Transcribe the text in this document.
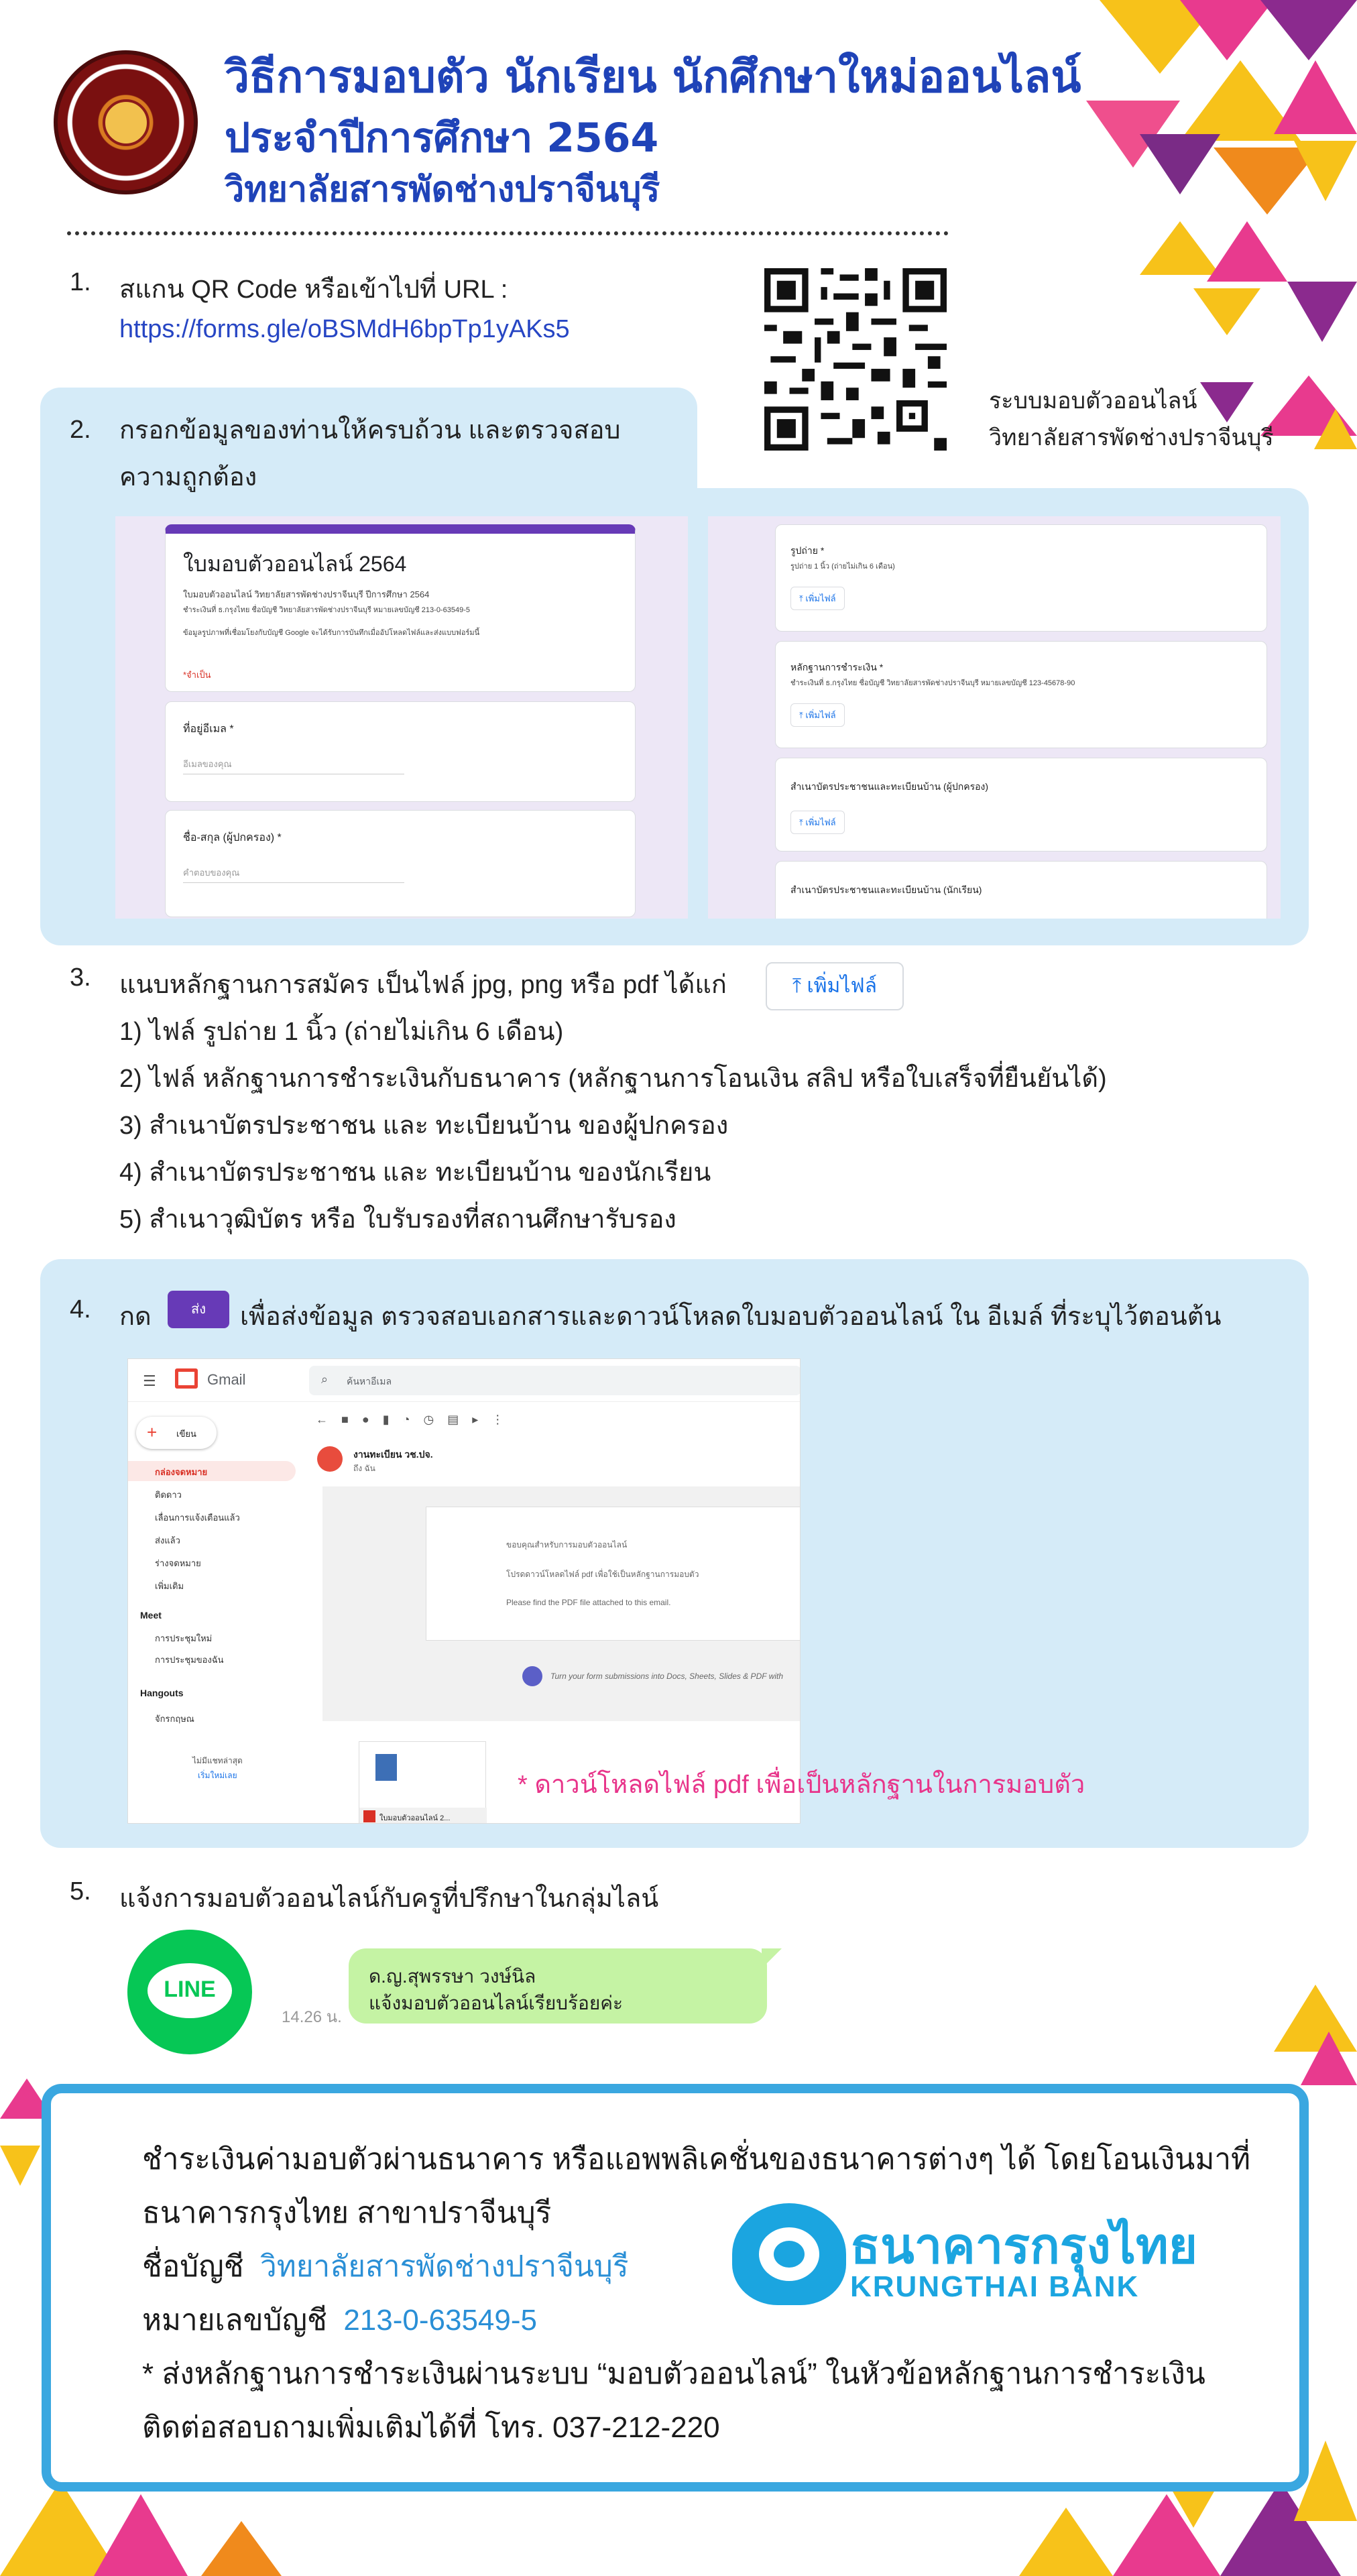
วิธีการมอบตัว นักเรียน นักศึกษาใหม่ออนไลน์
ประจำปีการศึกษา 2564
วิทยาลัยสารพัดช่างปราจีนบุรี
1. สแกน QR Code หรือเข้าไปที่ URL :
https://forms.gle/oBSMdH6bpTp1yAKs5
ระบบมอบตัวออนไลน์
วิทยาลัยสารพัดช่างปราจีนบุรี
2. กรอกข้อมูลของท่านให้ครบถ้วน และตรวจสอบ
ความถูกต้อง
ใบมอบตัวออนไลน์ 2564
ใบมอบตัวออนไลน์ วิทยาลัยสารพัดช่างปราจีนบุรี ปีการศึกษา 2564
ชำระเงินที่ ธ.กรุงไทย ชื่อบัญชี วิทยาลัยสารพัดช่างปราจีนบุรี หมายเลขบัญชี 213-0-63549-5
ข้อมูลรูปภาพที่เชื่อมโยงกับบัญชี Google จะได้รับการบันทึกเมื่ออัปโหลดไฟล์และส่งแบบฟอร์มนี้
*จำเป็น
ที่อยู่อีเมล *
อีเมลของคุณ
ชื่อ-สกุล (ผู้ปกครอง) *
คำตอบของคุณ
รูปถ่าย *
รูปถ่าย 1 นิ้ว (ถ่ายไม่เกิน 6 เดือน)
⤒ เพิ่มไฟล์
หลักฐานการชำระเงิน *
ชำระเงินที่ ธ.กรุงไทย ชื่อบัญชี วิทยาลัยสารพัดช่างปราจีนบุรี หมายเลขบัญชี 123-45678-90
⤒ เพิ่มไฟล์
สำเนาบัตรประชาชนและทะเบียนบ้าน (ผู้ปกครอง)
⤒ เพิ่มไฟล์
สำเนาบัตรประชาชนและทะเบียนบ้าน (นักเรียน)
3. แนบหลักฐานการสมัคร เป็นไฟล์ jpg, png หรือ pdf ได้แก่	⤒ เพิ่มไฟล์
1) ไฟล์ รูปถ่าย 1 นิ้ว (ถ่ายไม่เกิน 6 เดือน)
2) ไฟล์ หลักฐานการชำระเงินกับธนาคาร (หลักฐานการโอนเงิน สลิป หรือใบเสร็จที่ยืนยันได้)
3) สำเนาบัตรประชาชน และ ทะเบียนบ้าน ของผู้ปกครอง
4) สำเนาบัตรประชาชน และ ทะเบียนบ้าน ของนักเรียน
5) สำเนาวุฒิบัตร หรือ ใบรับรองที่สถานศึกษารับรอง
4. กด	ส่ง	เพื่อส่งข้อมูล ตรวจสอบเอกสารและดาวน์โหลดใบมอบตัวออนไลน์ ใน อีเมล์ ที่ระบุไว้ตอนต้น
☰	Gmail	⌕ ค้นหาอีเมล
+ เขียน
กล่องจดหมาย
ติดดาว
เลื่อนการแจ้งเตือนแล้ว
ส่งแล้ว
ร่างจดหมาย
เพิ่มเติม
Meet
การประชุมใหม่
การประชุมของฉัน
Hangouts
จักรกฤษณ
ไม่มีแชทล่าสุด
เริ่มใหม่เลย
←■●▮◔◷▤▸⋮
งานทะเบียน วช.ปจ.
ถึง ฉัน
ขอบคุณสำหรับการมอบตัวออนไลน์
โปรดดาวน์โหลดไฟล์ pdf เพื่อใช้เป็นหลักฐานการมอบตัว
Please find the PDF file attached to this email.
Turn your form submissions into Docs, Sheets, Slides & PDF with
ใบมอบตัวออนไลน์ 2...
* ดาวน์โหลดไฟล์ pdf เพื่อเป็นหลักฐานในการมอบตัว
5. แจ้งการมอบตัวออนไลน์กับครูที่ปรึกษาในกลุ่มไลน์
LINE
14.26 น.
ด.ญ.สุพรรษา วงษ์นิล
แจ้งมอบตัวออนไลน์เรียบร้อยค่ะ
ชำระเงินค่ามอบตัวผ่านธนาคาร หรือแอพพลิเคชั่นของธนาคารต่างๆ ได้ โดยโอนเงินมาที่
ธนาคารกรุงไทย สาขาปราจีนบุรี
ชื่อบัญชี วิทยาลัยสารพัดช่างปราจีนบุรี
หมายเลขบัญชี 213-0-63549-5
* ส่งหลักฐานการชำระเงินผ่านระบบ “มอบตัวออนไลน์” ในหัวข้อหลักฐานการชำระเงิน
ติดต่อสอบถามเพิ่มเติมได้ที่ โทร. 037-212-220
ธนาคารกรุงไทย
KRUNGTHAI BANK
